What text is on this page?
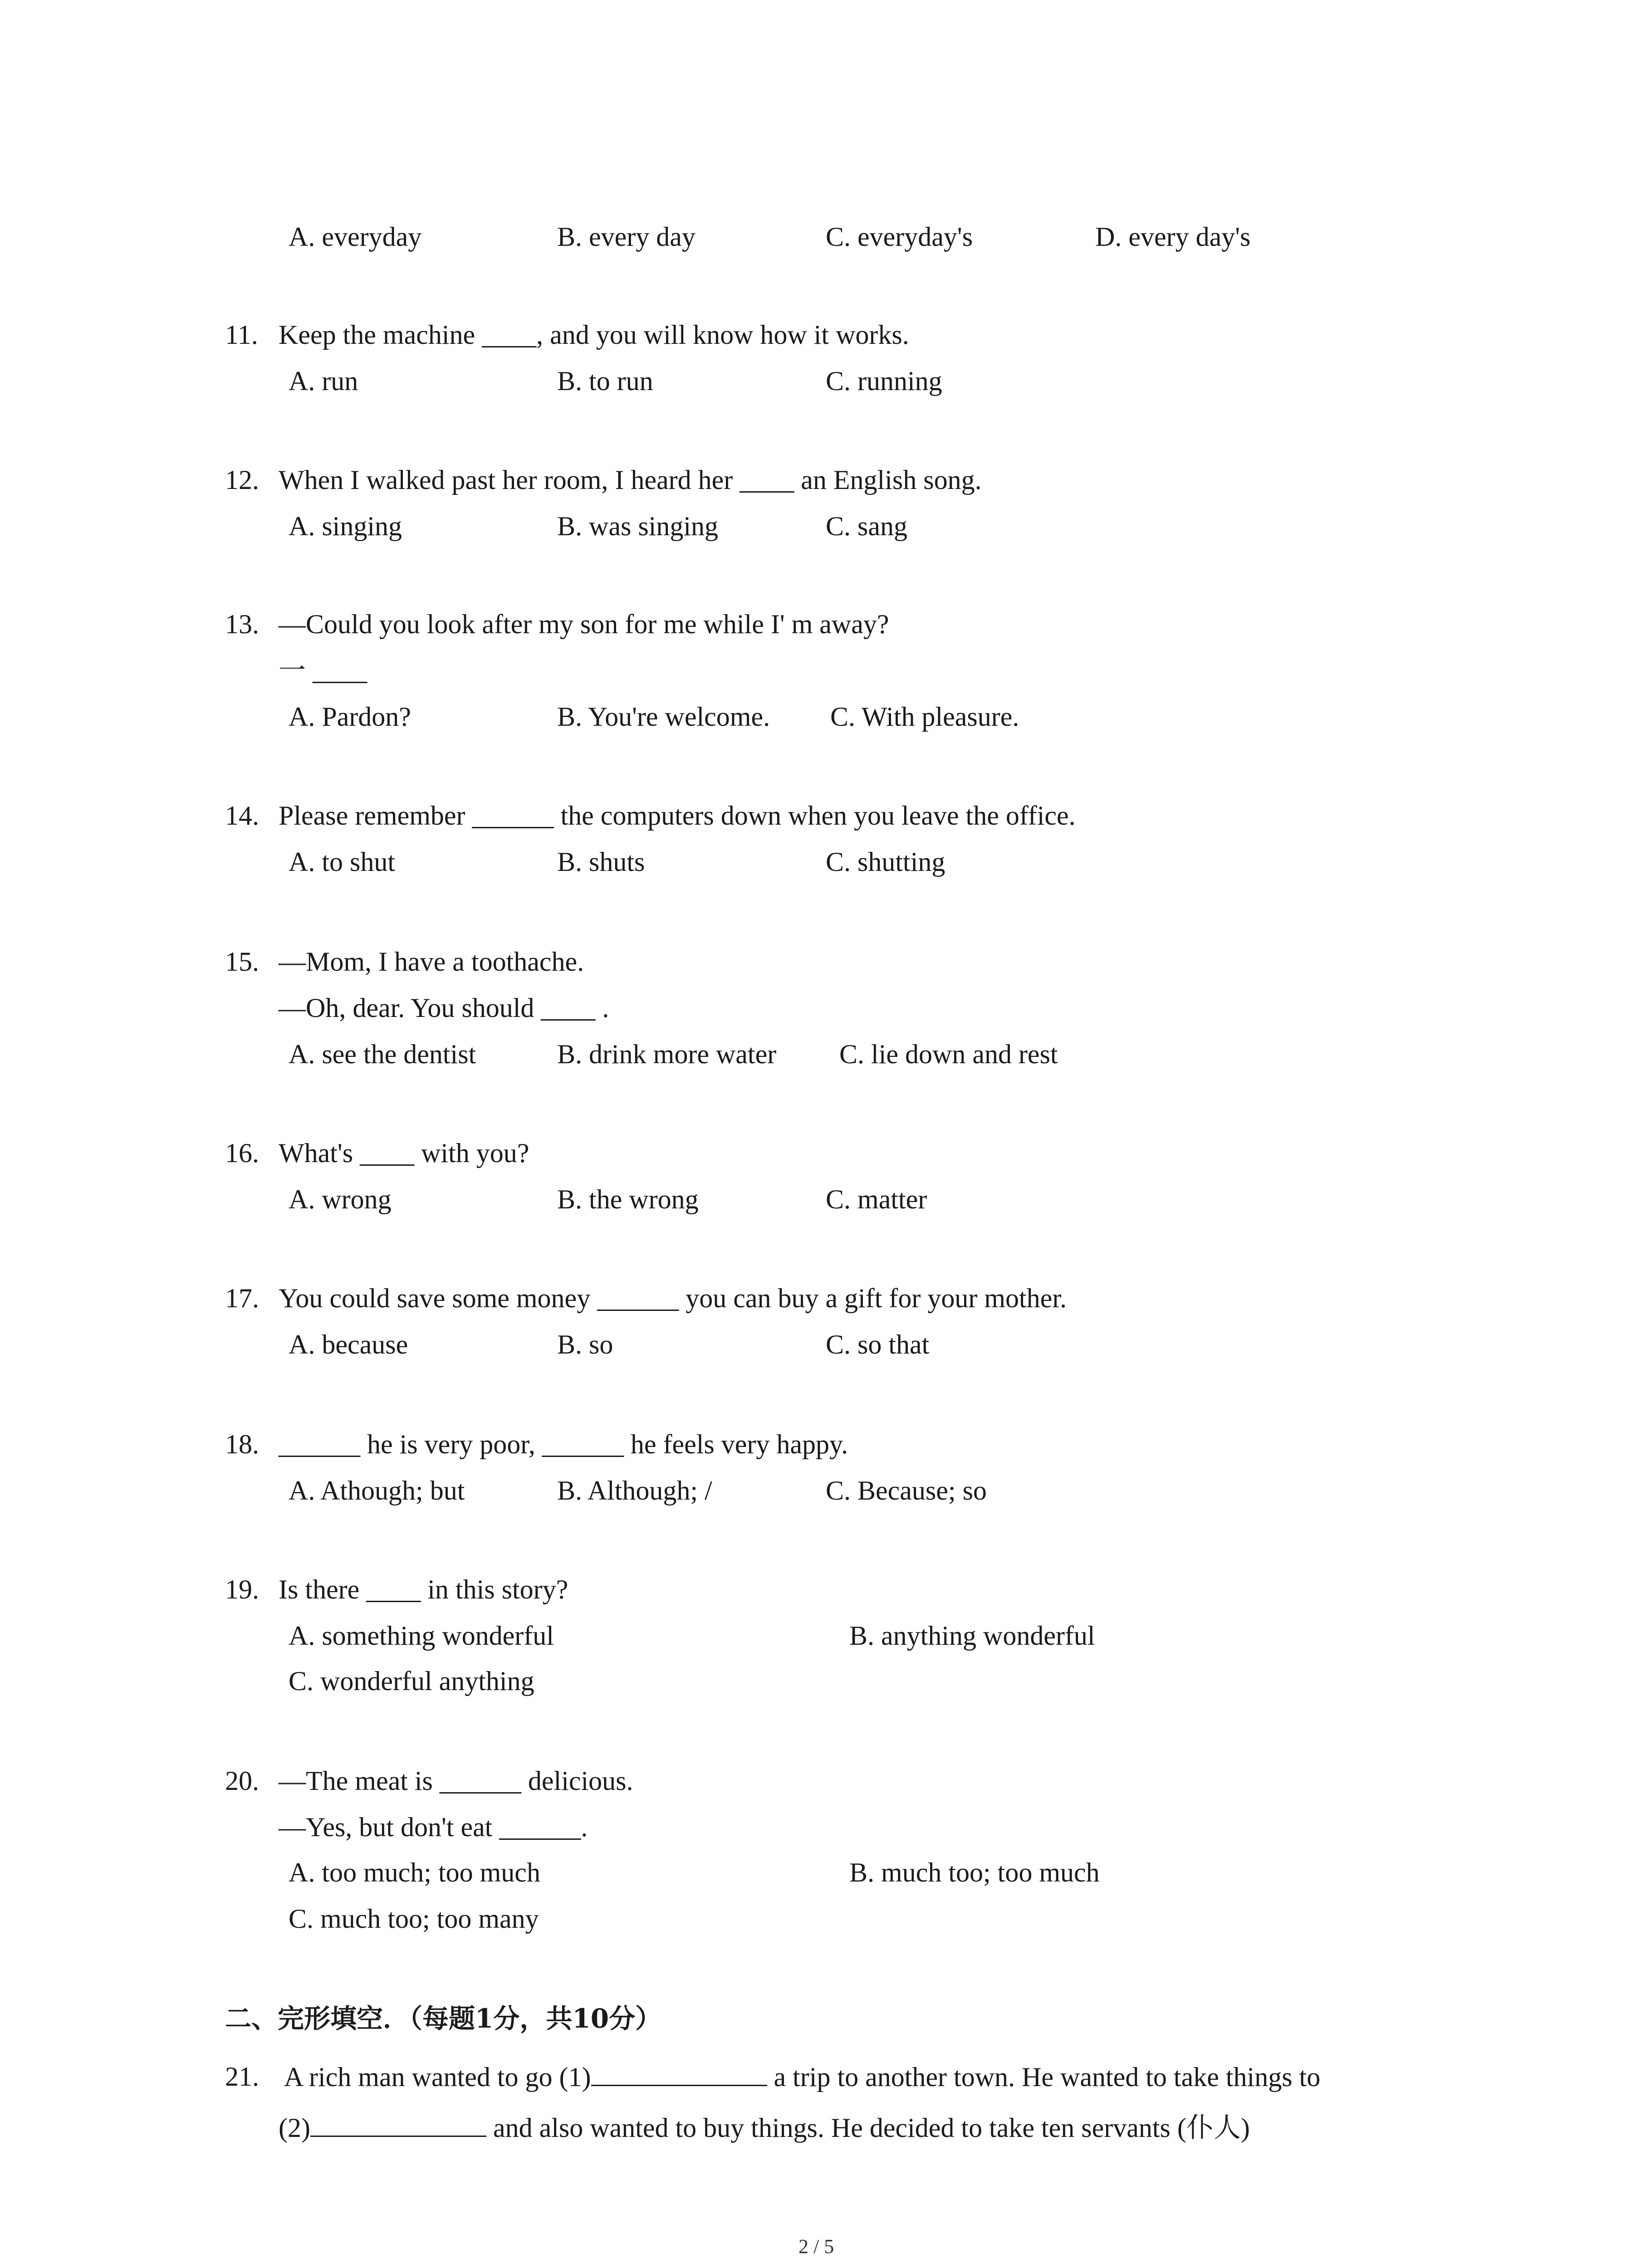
A. everyday	B. every day	C. everyday's	D. every day's
11. Keep the machine ____, and you will know how it works.
A. run	B. to run	C. running
12. When I walked past her room, I heard her ____ an English song.
A. singing	B. was singing	C. sang
13. —Could you look after my son for me while I' m away?
一 ____
A. Pardon?	B. You're welcome. C. With pleasure.
14. Please remember ______ the computers down when you leave the office.
A. to shut	B. shuts	C. shutting
15. —Mom, I have a toothache.
—Oh, dear. You should ____ .
A. see the dentist	B. drink more water C. lie down and rest
16. What's ____ with you?
A. wrong	B. the wrong	C. matter
17. You could save some money ______ you can buy a gift for your mother.
A. because	B. so	C. so that
18. ______ he is very poor, ______ he feels very happy.
A. Athough; but	B. Although; /	C. Because; so
19. Is there ____ in this story?
A. something wonderful	B. anything wonderful
C. wonderful anything
20. —The meat is ______ delicious.
—Yes, but don't eat ______.
A. too much; too much	B. much too; too much
C. much too; too many
二、完形填空．（每题1分，共10分）
21. A rich man wanted to go (1)	a trip to another town. He wanted to take things to
(2)	and also wanted to buy things. He decided to take ten servants (仆人)
2 / 5
